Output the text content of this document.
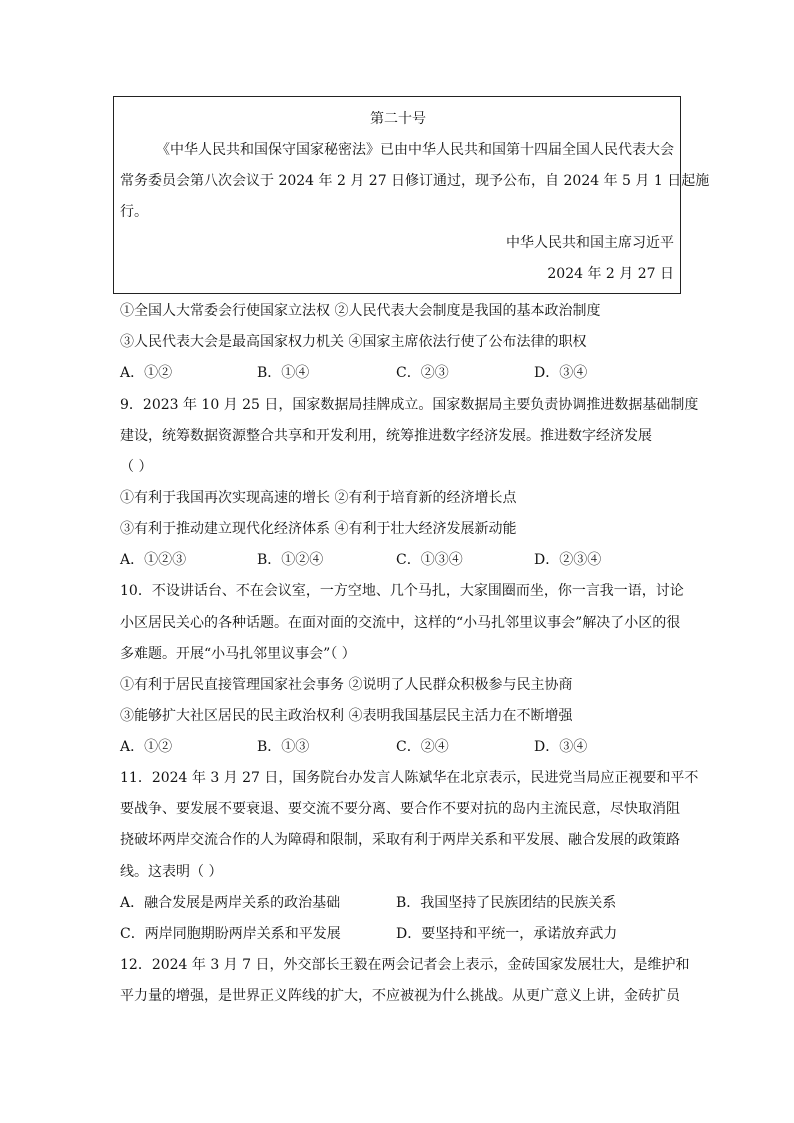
第二十号
《中华人民共和国保守国家秘密法》已由中华人民共和国第十四届全国人民代表大会
常务委员会第八次会议于 2024 年 2 月 27 日修订通过，现予公布，自 2024 年 5 月 1 日起施
行。
中华人民共和国主席习近平
2024 年 2 月 27 日
①全国人大常委会行使国家立法权 ②人民代表大会制度是我国的基本政治制度
③人民代表大会是最高国家权力机关 ④国家主席依法行使了公布法律的职权
A．①②	B．①④	C．②③	D．③④
9．2023 年 10 月 25 日，国家数据局挂牌成立。国家数据局主要负责协调推进数据基础制度
建设，统筹数据资源整合共享和开发利用，统筹推进数字经济发展。推进数字经济发展
（ ）
①有利于我国再次实现高速的增长 ②有利于培育新的经济增长点
③有利于推动建立现代化经济体系 ④有利于壮大经济发展新动能
A．①②③	B．①②④	C．①③④	D．②③④
10．不设讲话台、不在会议室，一方空地、几个马扎，大家围圈而坐，你一言我一语，讨论
小区居民关心的各种话题。在面对面的交流中，这样的“小马扎邻里议事会”解决了小区的很
多难题。开展“小马扎邻里议事会”（ ）
①有利于居民直接管理国家社会事务 ②说明了人民群众积极参与民主协商
③能够扩大社区居民的民主政治权利 ④表明我国基层民主活力在不断增强
A．①②	B．①③	C．②④	D．③④
11．2024 年 3 月 27 日，国务院台办发言人陈斌华在北京表示，民进党当局应正视要和平不
要战争、要发展不要衰退、要交流不要分离、要合作不要对抗的岛内主流民意，尽快取消阻
挠破坏两岸交流合作的人为障碍和限制，采取有利于两岸关系和平发展、融合发展的政策路
线。这表明（ ）
A．融合发展是两岸关系的政治基础	B．我国坚持了民族团结的民族关系
C．两岸同胞期盼两岸关系和平发展	D．要坚持和平统一，承诺放弃武力
12．2024 年 3 月 7 日，外交部长王毅在两会记者会上表示，金砖国家发展壮大，是维护和
平力量的增强，是世界正义阵线的扩大，不应被视为什么挑战。从更广意义上讲，金砖扩员
